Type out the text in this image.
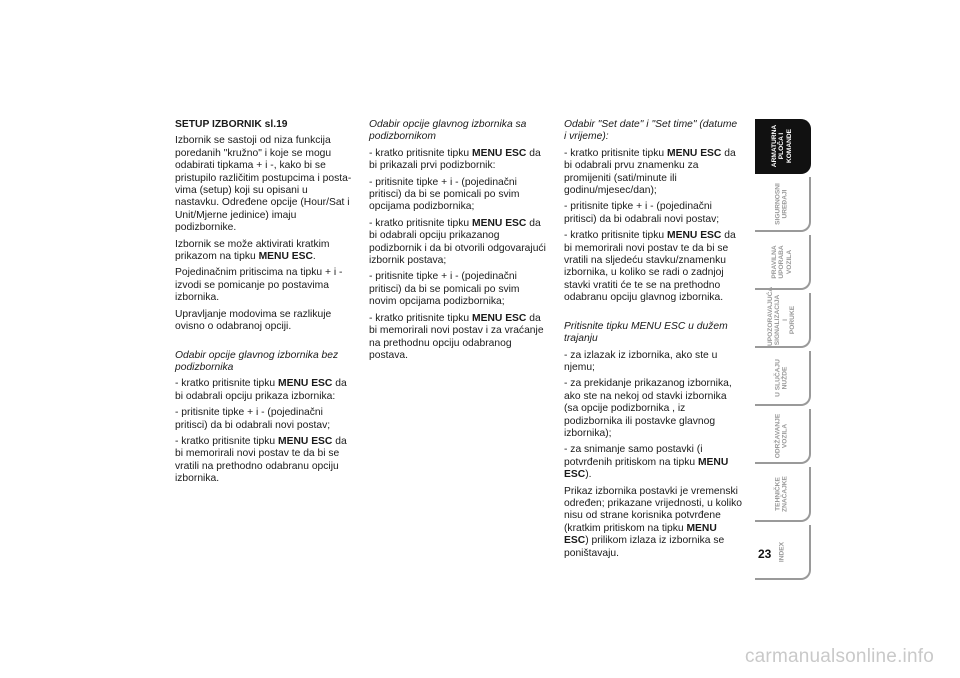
SETUP IZBORNIK sl.19

Izbornik se sastoji od niza funkcija poredanih "kružno" i koje se mogu odabirati tipkama + i -, kako bi se pristupilo različitim postupcima i posta-vima (setup) koji su opisani u nastavku. Određene opcije (Hour/Sat i Unit/Mjerne jedinice) imaju podizbornike.

Izbornik se može aktivirati kratkim prikazom na tipku MENU ESC.

Pojedinačnim pritiscima na tipku + i - izvodi se pomicanje po postavima izbornika.

Upravljanje modovima se razlikuje ovisno o odabranoj opciji.

Odabir opcije glavnog izbornika bez podizbornika

- kratko pritisnite tipku MENU ESC da bi odabrali opciju prikaza izbornika:

- pritisnite tipke + i - (pojedinačni pritisci) da bi odabrali novi postav;

- kratko pritisnite tipku MENU ESC da bi memorirali novi postav te da bi se vratili na prethodno odabranu opciju izbornika.

Odabir opcije glavnog izbornika sa podizbornikom

- kratko pritisnite tipku MENU ESC da bi prikazali prvi podizbornik:

- pritisnite tipke + i - (pojedinačni pritisci) da bi se pomicali po svim opcijama podizbornika;

- kratko pritisnite tipku MENU ESC da bi odabrali opciju prikazanog podizbornik i da bi otvorili odgovarajući izbornik postava;

- pritisnite tipke + i - (pojedinačni pritisci) da bi se pomicali po svim novim opcijama podizbornika;

- kratko pritisnite tipku MENU ESC da bi memorirali novi postav i za vraćanje na prethodnu opciju odabranog postava.

Odabir "Set date" i "Set time" (datume i vrijeme):

- kratko pritisnite tipku MENU ESC da bi odabrali prvu znamenku za promijeniti (sati/minute ili godinu/mjesec/dan);

- pritisnite tipke + i - (pojedinačni pritisci) da bi odabrali novi postav;

- kratko pritisnite tipku MENU ESC da bi memorirali novi postav te da bi se vratili na sljedeću stavku/znamenku izbornika, u koliko se radi o zadnjoj stavki vratiti će te se na prethodno odabranu opciju glavnog izbornika.

Pritisnite tipku MENU ESC u dužem trajanju

- za izlazak iz izbornika, ako ste u njemu;

- za prekidanje prikazanog izbornika, ako ste na nekoj od stavki izbornika (sa opcije podizbornika , iz podizbornika ili postavke glavnog izbornika);

- za snimanje samo postavki (i potvrđenih pritiskom na tipku MENU ESC).

Prikaz izbornika postavki je vremenski određen; prikazane vrijednosti, u koliko nisu od strane korisnika potvrđene (kratkim pritiskom na tipku MENU ESC) prilikom izlaza iz izbornika se poništavaju.

ARMATURNA
PLOČA I
KOMANDE
SIGURNOSNI
UREĐAJI
PRAVILNA
UPORABA
VOZILA
UPOZORAVAJUĆA
SIGNALIZACIJA I
PORUKE
U SLUČAJU
NUŽDE
ODRŽAVANJE
VOZILA
TEHNIČKE
ZNAČAJKE
INDEX
23
carmanualsonline.info
